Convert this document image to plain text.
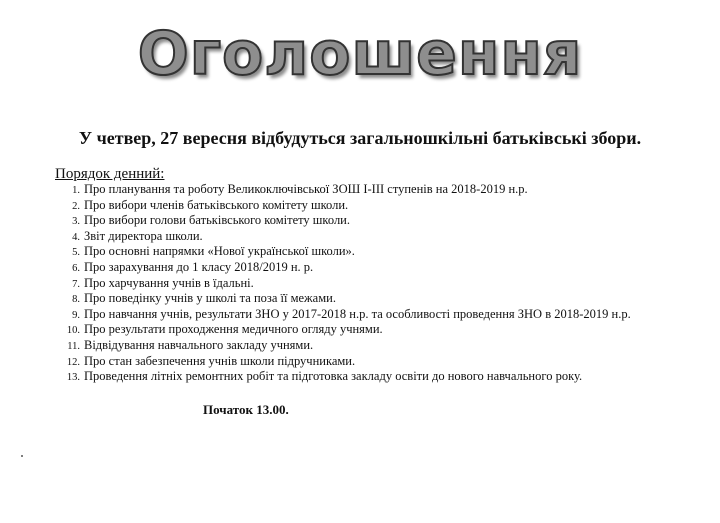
Оголошення

У четвер, 27 вересня відбудуться загальношкільні батьківські збори.

Порядок денний:

1. Про планування та роботу Великоключівської ЗОШ І-ІІІ ступенів на 2018-2019 н.р.
2. Про вибори членів батьківського комітету школи.
3. Про вибори голови батьківського комітету школи.
4. Звіт директора школи.
5. Про основні напрямки «Нової української школи».
6. Про зарахування до 1 класу 2018/2019 н. р.
7. Про харчування учнів в їдальні.
8. Про поведінку учнів у школі та поза її межами.
9. Про навчання учнів, результати ЗНО у 2017-2018 н.р. та особливості проведення ЗНО в 2018-2019 н.р.
10. Про результати проходження медичного огляду учнями.
11. Відвідування навчального закладу учнями.
12. Про стан забезпечення учнів школи підручниками.
13. Проведення літніх ремонтних робіт та підготовка закладу освіти до нового навчального року.

Початок 13.00.
